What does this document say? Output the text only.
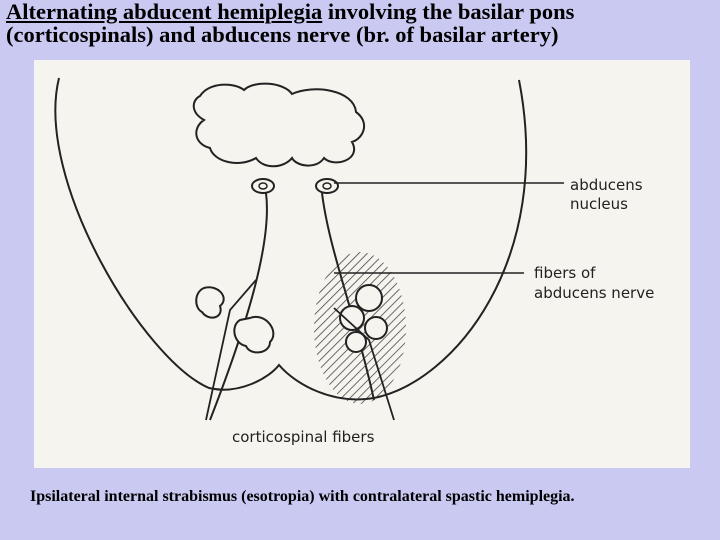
Alternating abducent hemiplegia involving the basilar pons
(corticospinals) and abducens nerve (br. of basilar artery)
abducens
nucleus
fibers of
abducens nerve
corticospinal fibers
Ipsilateral internal strabismus (esotropia) with contralateral spastic hemiplegia.
